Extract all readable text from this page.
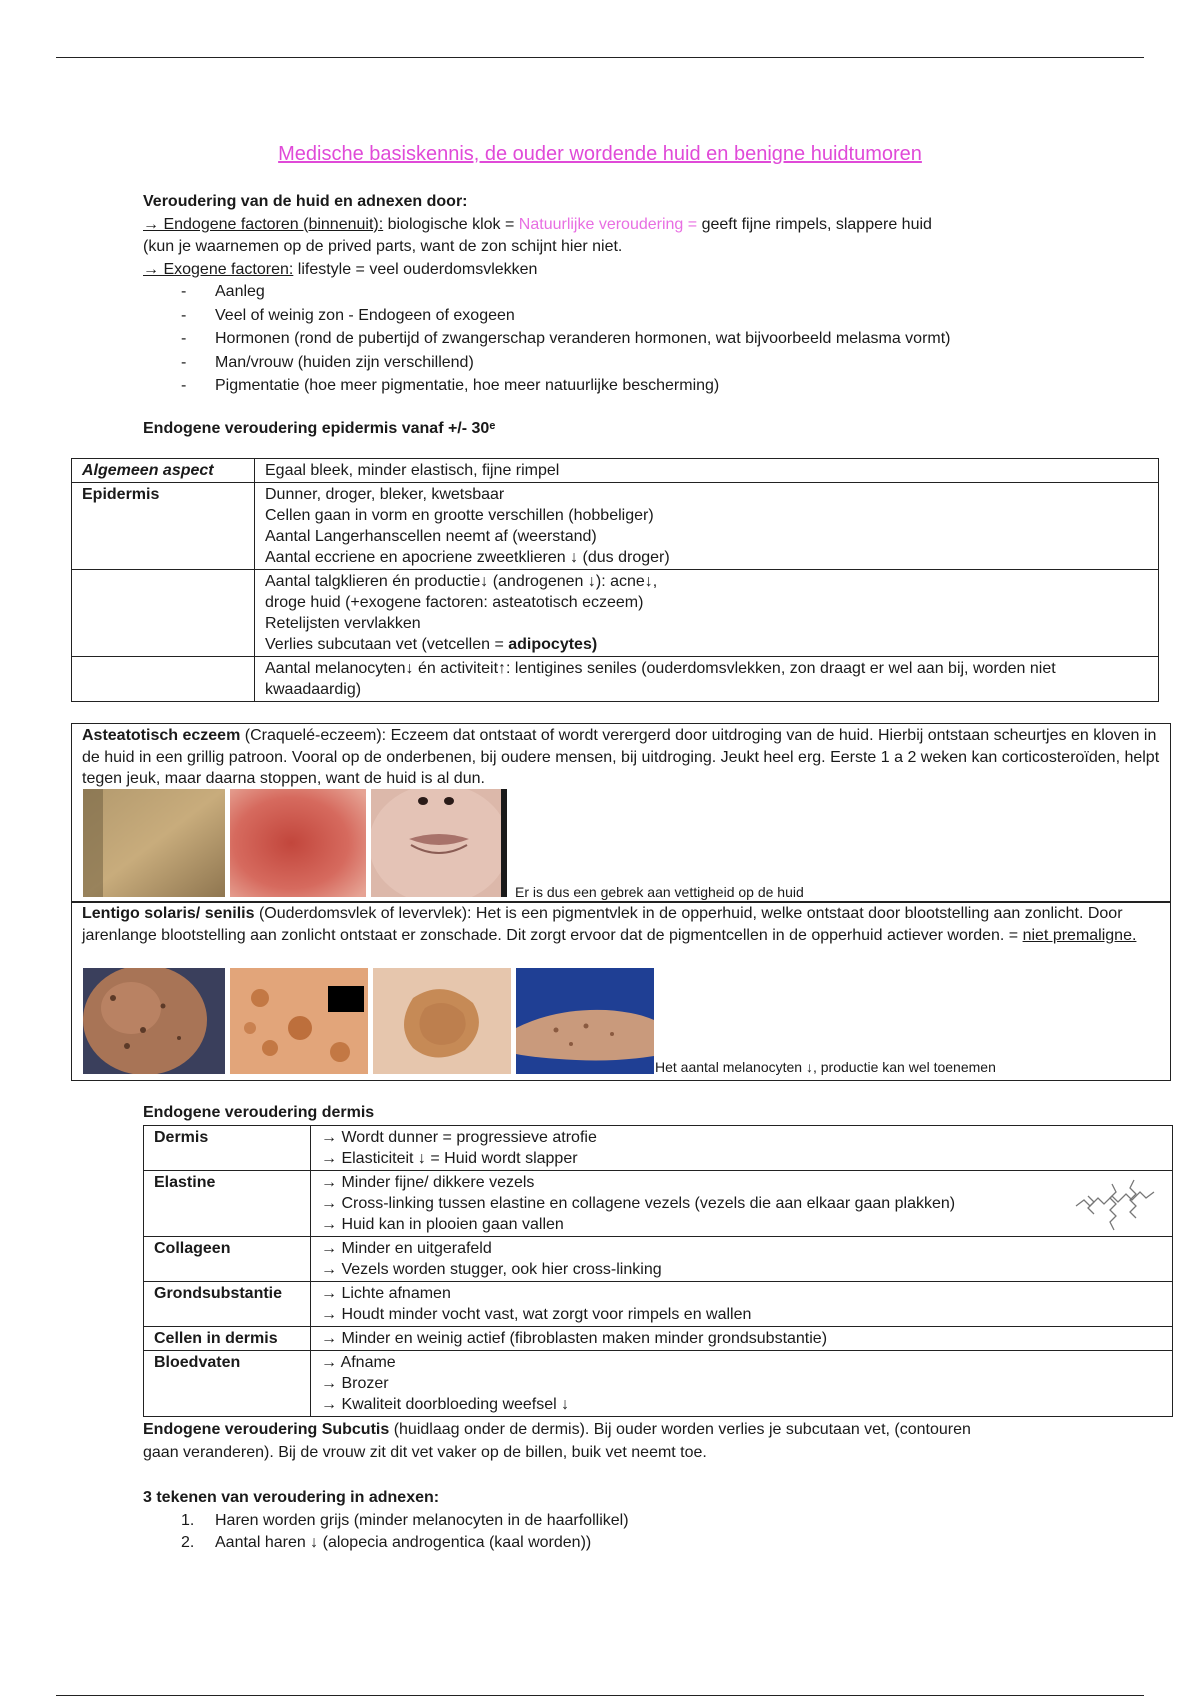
Medische basiskennis, de ouder wordende huid en benigne huidtumoren
Veroudering van de huid en adnexen door:
→ Endogene factoren (binnenuit): biologische klok = Natuurlijke veroudering = geeft fijne rimpels, slappere huid
(kun je waarnemen op de prived parts, want de zon schijnt hier niet.
→ Exogene factoren: lifestyle = veel ouderdomsvlekken
- Aanleg
- Veel of weinig zon - Endogeen of exogeen
- Hormonen (rond de pubertijd of zwangerschap veranderen hormonen, wat bijvoorbeeld melasma vormt)
- Man/vrouw (huiden zijn verschillend)
- Pigmentatie (hoe meer pigmentatie, hoe meer natuurlijke bescherming)
Endogene veroudering epidermis vanaf +/- 30ᵉ
Algemeen aspect	Egaal bleek, minder elastisch, fijne rimpel
Epidermis	Dunner, droger, bleker, kwetsbaar
Cellen gaan in vorm en grootte verschillen (hobbeliger)
Aantal Langerhanscellen neemt af (weerstand)
Aantal eccriene en apocriene zweetklieren ↓ (dus droger)

	Aantal talgklieren én productie↓ (androgenen ↓): acne↓,
droge huid (+exogene factoren: asteatotisch eczeem)
Retelijsten vervlakken
Verlies subcutaan vet (vetcellen = adipocytes)

	Aantal melanocyten↓ én activiteit↑: lentigines seniles (ouderdomsvlekken, zon draagt er wel aan bij, worden niet kwaadaardig)
Asteatotisch eczeem (Craquelé-eczeem): Eczeem dat ontstaat of wordt verergerd door uitdroging van de huid. Hierbij ontstaan scheurtjes en kloven in de huid in een grillig patroon. Vooral op de onderbenen, bij oudere mensen, bij uitdroging. Jeukt heel erg. Eerste 1 a 2 weken kan corticosteroïden, helpt tegen jeuk, maar daarna stoppen, want de huid is al dun.
Er is dus een gebrek aan vettigheid op de huid
Lentigo solaris/ senilis (Ouderdomsvlek of levervlek): Het is een pigmentvlek in de opperhuid, welke ontstaat door blootstelling aan zonlicht. Door jarenlange blootstelling aan zonlicht ontstaat er zonschade. Dit zorgt ervoor dat de pigmentcellen in de opperhuid actiever worden. = niet premaligne.
Het aantal melanocyten ↓, productie kan wel toenemen
Endogene veroudering dermis
Dermis	→ Wordt dunner = progressieve atrofie
→ Elasticiteit ↓ = Huid wordt slapper

Elastine	→ Minder fijne/ dikkere vezels
→ Cross-linking tussen elastine en collagene vezels (vezels die aan elkaar gaan plakken)
→ Huid kan in plooien gaan vallen

Collageen	→ Minder en uitgerafeld
→ Vezels worden stugger, ook hier cross-linking

Grondsubstantie	→ Lichte afnamen
→ Houdt minder vocht vast, wat zorgt voor rimpels en wallen

Cellen in dermis	→ Minder en weinig actief (fibroblasten maken minder grondsubstantie)

Bloedvaten	→ Afname
→ Brozer
→ Kwaliteit doorbloeding weefsel ↓
Endogene veroudering Subcutis (huidlaag onder de dermis). Bij ouder worden verlies je subcutaan vet, (contouren gaan veranderen). Bij de vrouw zit dit vet vaker op de billen, buik vet neemt toe.
3 tekenen van veroudering in adnexen:
1. Haren worden grijs (minder melanocyten in de haarfollikel)
2. Aantal haren ↓ (alopecia androgentica (kaal worden))
